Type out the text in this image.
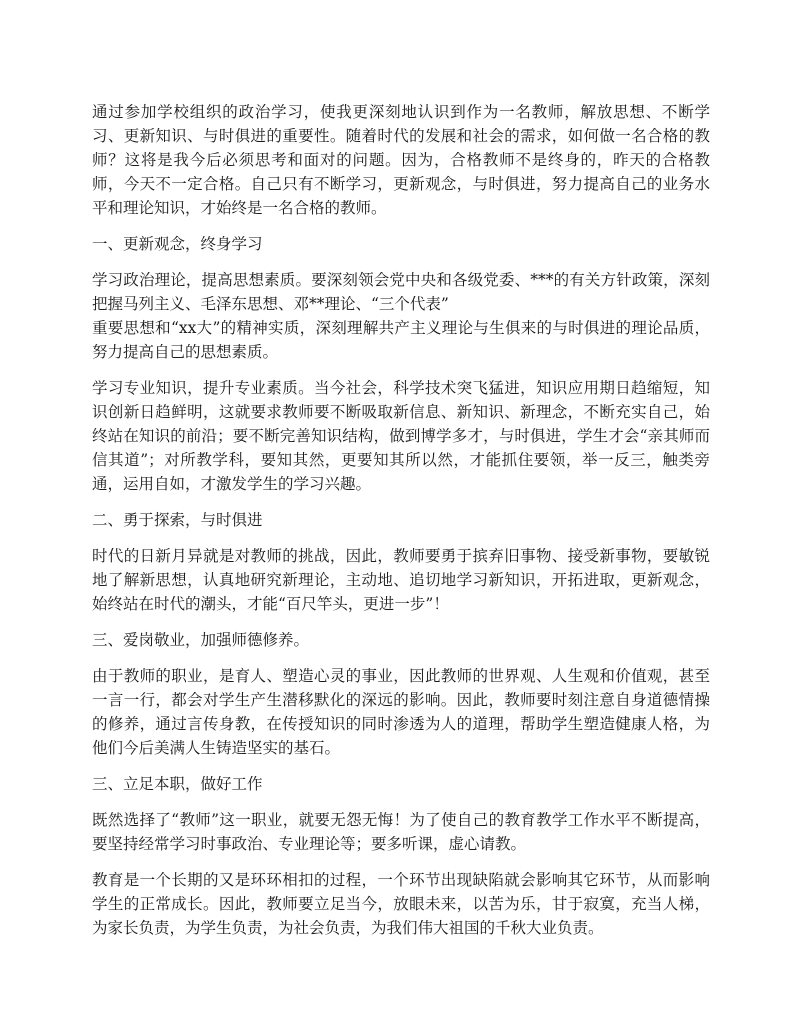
通过参加学校组织的政治学习，使我更深刻地认识到作为一名教师，解放思想、不断学习、更新知识、与时俱进的重要性。随着时代的发展和社会的需求，如何做一名合格的教师？这将是我今后必须思考和面对的问题。因为，合格教师不是终身的，昨天的合格教师，今天不一定合格。自己只有不断学习，更新观念，与时俱进，努力提高自己的业务水平和理论知识，才始终是一名合格的教师。

一、更新观念，终身学习

学习政治理论，提高思想素质。要深刻领会党中央和各级党委、***的有关方针政策，深刻把握马列主义、毛泽东思想、邓**理论、“三个代表”
重要思想和“xx大”的精神实质，深刻理解共产主义理论与生俱来的与时俱进的理论品质，努力提高自己的思想素质。

学习专业知识，提升专业素质。当今社会，科学技术突飞猛进，知识应用期日趋缩短，知识创新日趋鲜明，这就要求教师要不断吸取新信息、新知识、新理念，不断充实自己，始终站在知识的前沿；要不断完善知识结构，做到博学多才，与时俱进，学生才会“亲其师而信其道”；对所教学科，要知其然，更要知其所以然，才能抓住要领，举一反三，触类旁通，运用自如，才激发学生的学习兴趣。

二、勇于探索，与时俱进

时代的日新月异就是对教师的挑战，因此，教师要勇于摈弃旧事物、接受新事物，要敏锐地了解新思想，认真地研究新理论，主动地、追切地学习新知识，开拓进取，更新观念，始终站在时代的潮头，才能“百尺竿头，更进一步”！

三、爱岗敬业，加强师德修养。

由于教师的职业，是育人、塑造心灵的事业，因此教师的世界观、人生观和价值观，甚至一言一行，都会对学生产生潜移默化的深远的影响。因此，教师要时刻注意自身道德情操的修养，通过言传身教，在传授知识的同时渗透为人的道理，帮助学生塑造健康人格，为他们今后美满人生铸造坚实的基石。

三、立足本职，做好工作

既然选择了“教师”这一职业，就要无怨无悔！为了使自己的教育教学工作水平不断提高，要坚持经常学习时事政治、专业理论等；要多听课，虚心请教。

教育是一个长期的又是环环相扣的过程，一个环节出现缺陷就会影响其它环节，从而影响学生的正常成长。因此，教师要立足当今，放眼未来，以苦为乐，甘于寂寞，充当人梯，为家长负责，为学生负责，为社会负责，为我们伟大祖国的千秋大业负责。
